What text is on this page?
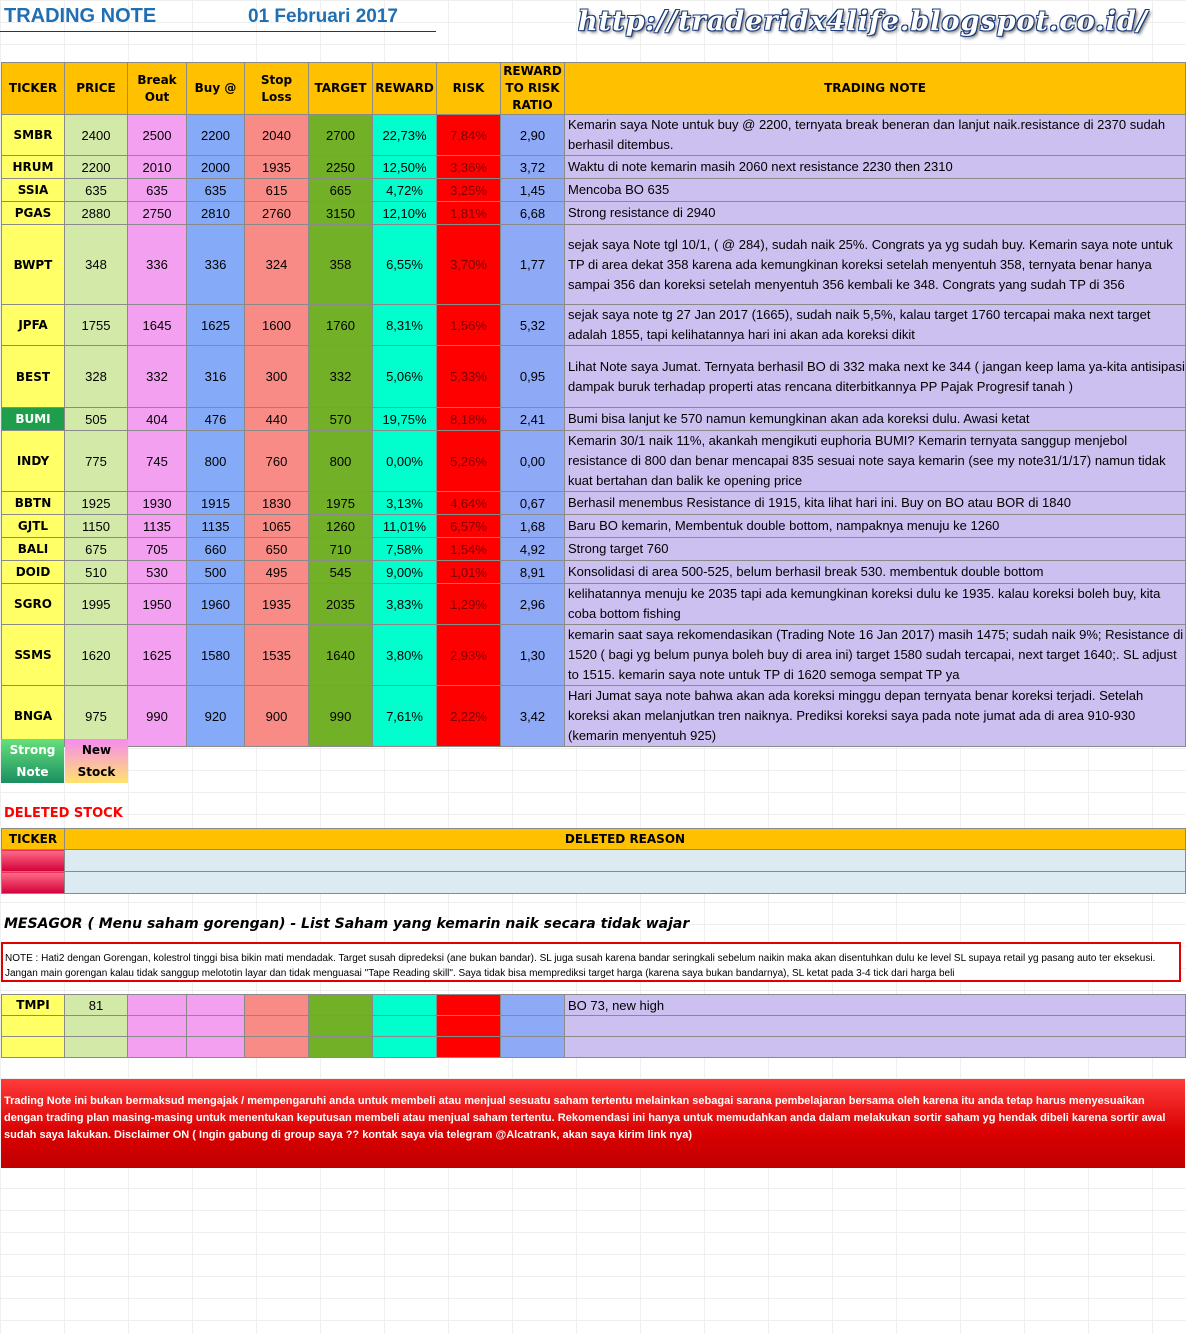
TRADING NOTE	01 Februari 2017	http://traderidx4life.blogspot.co.id/
TICKER	PRICE	Break Out	Buy @	Stop Loss	TARGET	REWARD	RISK	REWARD TO RISK RATIO	TRADING NOTE
SMBR	2400	2500	2200	2040	2700	22,73%	7,84%	2,90	Kemarin saya Note untuk buy @ 2200, ternyata break beneran dan lanjut naik.resistance di 2370 sudah berhasil ditembus.
HRUM	2200	2010	2000	1935	2250	12,50%	3,36%	3,72	Waktu di note kemarin masih 2060 next resistance 2230 then 2310
SSIA	635	635	635	615	665	4,72%	3,25%	1,45	Mencoba BO 635
PGAS	2880	2750	2810	2760	3150	12,10%	1,81%	6,68	Strong resistance di 2940
BWPT	348	336	336	324	358	6,55%	3,70%	1,77	sejak saya Note tgl 10/1, ( @ 284), sudah naik 25%. Congrats ya yg sudah buy. Kemarin saya note untuk TP di area dekat 358 karena ada kemungkinan koreksi setelah menyentuh 358, ternyata benar hanya sampai 356 dan koreksi setelah menyentuh 356 kembali ke 348. Congrats yang sudah TP di 356
JPFA	1755	1645	1625	1600	1760	8,31%	1,56%	5,32	sejak saya note tg 27 Jan 2017 (1665), sudah naik 5,5%, kalau target 1760 tercapai maka next target adalah 1855, tapi kelihatannya hari ini akan ada koreksi dikit
BEST	328	332	316	300	332	5,06%	5,33%	0,95	Lihat Note saya Jumat. Ternyata berhasil BO di 332 maka next ke 344 ( jangan keep lama ya-kita antisipasi dampak buruk terhadap properti atas rencana diterbitkannya PP Pajak Progresif tanah )
BUMI	505	404	476	440	570	19,75%	8,18%	2,41	Bumi bisa lanjut ke 570 namun kemungkinan akan ada koreksi dulu. Awasi ketat
INDY	775	745	800	760	800	0,00%	5,26%	0,00	Kemarin 30/1 naik 11%, akankah mengikuti euphoria BUMI? Kemarin ternyata sanggup menjebol resistance di 800 dan benar mencapai 835 sesuai note saya kemarin (see my note31/1/17) namun tidak kuat bertahan dan balik ke opening price
BBTN	1925	1930	1915	1830	1975	3,13%	4,64%	0,67	Berhasil menembus Resistance di 1915, kita lihat hari ini. Buy on BO atau BOR di 1840
GJTL	1150	1135	1135	1065	1260	11,01%	6,57%	1,68	Baru BO kemarin, Membentuk double bottom, nampaknya menuju ke 1260
BALI	675	705	660	650	710	7,58%	1,54%	4,92	Strong target 760
DOID	510	530	500	495	545	9,00%	1,01%	8,91	Konsolidasi di area 500-525, belum berhasil break 530. membentuk double bottom
SGRO	1995	1950	1960	1935	2035	3,83%	1,29%	2,96	kelihatannya menuju ke 2035 tapi ada kemungkinan koreksi dulu ke 1935. kalau koreksi boleh buy, kita coba bottom fishing
SSMS	1620	1625	1580	1535	1640	3,80%	2,93%	1,30	kemarin saat saya rekomendasikan (Trading Note 16 Jan 2017) masih 1475; sudah naik 9%; Resistance di 1520 ( bagi yg belum punya boleh buy di area ini) target 1580 sudah tercapai, next target 1640;. SL adjust to 1515. kemarin saya note untuk TP di 1620 semoga sempat TP ya
BNGA	975	990	920	900	990	7,61%	2,22%	3,42	Hari Jumat saya note bahwa akan ada koreksi minggu depan ternyata benar koreksi terjadi. Setelah koreksi akan melanjutkan tren naiknya. Prediksi koreksi saya pada note jumat ada di area 910-930 (kemarin menyentuh 925)
Strong Note
New Stock
DELETED STOCK
TICKER	DELETED REASON

MESAGOR ( Menu saham gorengan) - List Saham yang kemarin naik secara tidak wajar
NOTE : Hati2 dengan Gorengan, kolestrol tinggi bisa bikin mati mendadak. Target susah dipredeksi (ane bukan bandar). SL juga susah karena bandar seringkali sebelum naikin maka akan disentuhkan dulu ke level SL supaya retail yg pasang auto ter eksekusi. Jangan main gorengan kalau tidak sanggup melototin layar dan tidak menguasai "Tape Reading skill". Saya tidak bisa memprediksi target harga (karena saya bukan bandarnya), SL ketat pada 3-4 tick dari harga beli
TMPI	81								BO 73, new high

Trading Note ini bukan bermaksud mengajak / mempengaruhi anda untuk membeli atau menjual sesuatu saham tertentu melainkan sebagai sarana pembelajaran bersama oleh karena itu anda tetap harus menyesuaikan dengan trading plan masing-masing untuk menentukan keputusan membeli atau menjual saham tertentu. Rekomendasi ini hanya untuk memudahkan anda dalam melakukan sortir saham yg hendak dibeli karena sortir awal sudah saya lakukan. Disclaimer ON ( Ingin gabung di group saya ?? kontak saya via telegram @Alcatrank, akan saya kirim link nya)
